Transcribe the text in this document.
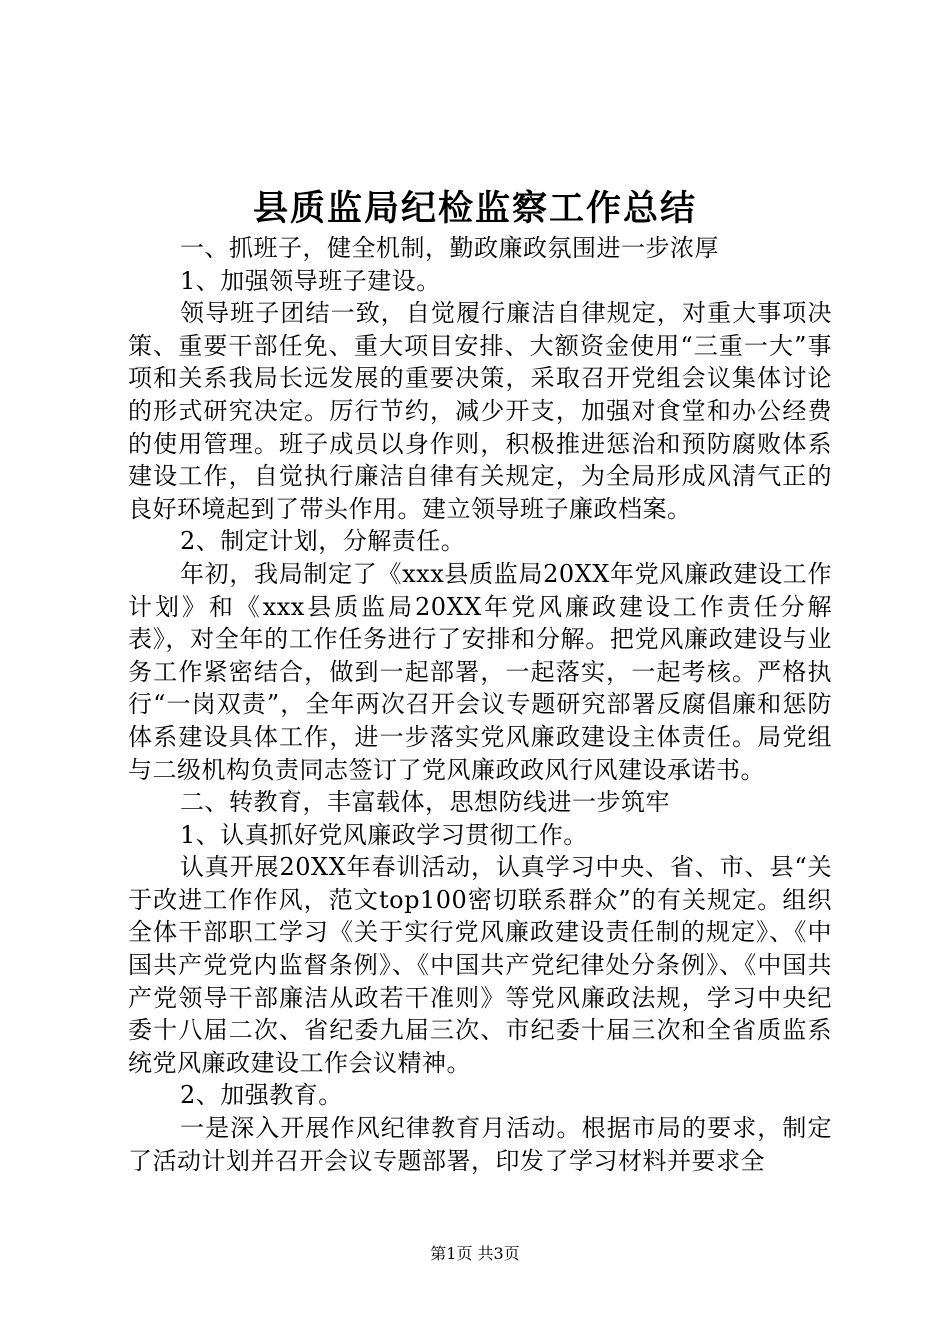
县质监局纪检监察工作总结

一、抓班子，健全机制，勤政廉政氛围进一步浓厚

1、加强领导班子建设。

领导班子团结一致，自觉履行廉洁自律规定，对重大事项决策、重要干部任免、重大项目安排、大额资金使用“三重一大”事项和关系我局长远发展的重要决策，采取召开党组会议集体讨论的形式研究决定。厉行节约，减少开支，加强对食堂和办公经费的使用管理。班子成员以身作则，积极推进惩治和预防腐败体系建设工作，自觉执行廉洁自律有关规定，为全局形成风清气正的良好环境起到了带头作用。建立领导班子廉政档案。

2、制定计划，分解责任。

年初，我局制定了《xxx县质监局20XX年党风廉政建设工作计划》和《xxx县质监局20XX年党风廉政建设工作责任分解表》，对全年的工作任务进行了安排和分解。把党风廉政建设与业务工作紧密结合，做到一起部署，一起落实，一起考核。严格执行“一岗双责”，全年两次召开会议专题研究部署反腐倡廉和惩防体系建设具体工作，进一步落实党风廉政建设主体责任。局党组与二级机构负责同志签订了党风廉政政风行风建设承诺书。

二、转教育，丰富载体，思想防线进一步筑牢

1、认真抓好党风廉政学习贯彻工作。

认真开展20XX年春训活动，认真学习中央、省、市、县“关于改进工作作风，范文top100密切联系群众”的有关规定。组织全体干部职工学习《关于实行党风廉政建设责任制的规定》、《中国共产党党内监督条例》、《中国共产党纪律处分条例》、《中国共产党领导干部廉洁从政若干准则》等党风廉政法规，学习中央纪委十八届二次、省纪委九届三次、市纪委十届三次和全省质监系统党风廉政建设工作会议精神。

2、加强教育。

一是深入开展作风纪律教育月活动。根据市局的要求，制定了活动计划并召开会议专题部署，印发了学习材料并要求全

第1页 共3页
